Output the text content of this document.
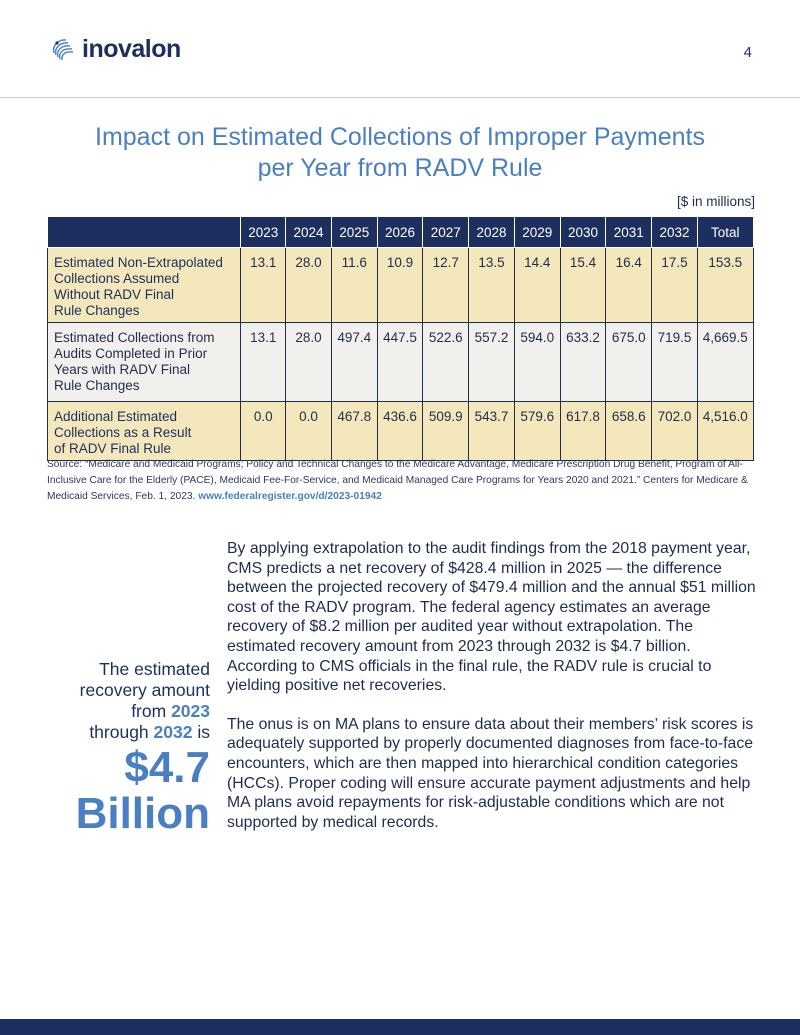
inovalon	4
Impact on Estimated Collections of Improper Payments
per Year from RADV Rule
[$ in millions]
	2023	2024	2025	2026	2027	2028	2029	2030	2031	2032	Total

Estimated Non-Extrapolated
Collections Assumed
Without RADV Final
Rule Changes	13.1	28.0	11.6	10.9	12.7	13.5	14.4	15.4	16.4	17.5	153.5

Estimated Collections from
Audits Completed in Prior
Years with RADV Final
Rule Changes	13.1	28.0	497.4	447.5	522.6	557.2	594.0	633.2	675.0	719.5	4,669.5

Additional Estimated
Collections as a Result
of RADV Final Rule	0.0	0.0	467.8	436.6	509.9	543.7	579.6	617.8	658.6	702.0	4,516.0
Source: “Medicare and Medicaid Programs; Policy and Technical Changes to the Medicare Advantage, Medicare Prescription Drug Benefit, Program of All-Inclusive Care for the Elderly (PACE), Medicaid Fee-For-Service, and Medicaid Managed Care Programs for Years 2020 and 2021.” Centers for Medicare & Medicaid Services, Feb. 1, 2023. www.federalregister.gov/d/2023-01942
The estimated
recovery amount
from 2023
through 2032 is
$4.7
Billion

By applying extrapolation to the audit findings from the 2018 payment year, CMS predicts a net recovery of $428.4 million in 2025 — the difference between the projected recovery of $479.4 million and the annual $51 million cost of the RADV program. The federal agency estimates an average recovery of $8.2 million per audited year without extrapolation. The estimated recovery amount from 2023 through 2032 is $4.7 billion. According to CMS officials in the final rule, the RADV rule is crucial to yielding positive net recoveries.

The onus is on MA plans to ensure data about their members’ risk scores is adequately supported by properly documented diagnoses from face-to-face encounters, which are then mapped into hierarchical condition categories (HCCs). Proper coding will ensure accurate payment adjustments and help MA plans avoid repayments for risk-adjustable conditions which are not supported by medical records.
